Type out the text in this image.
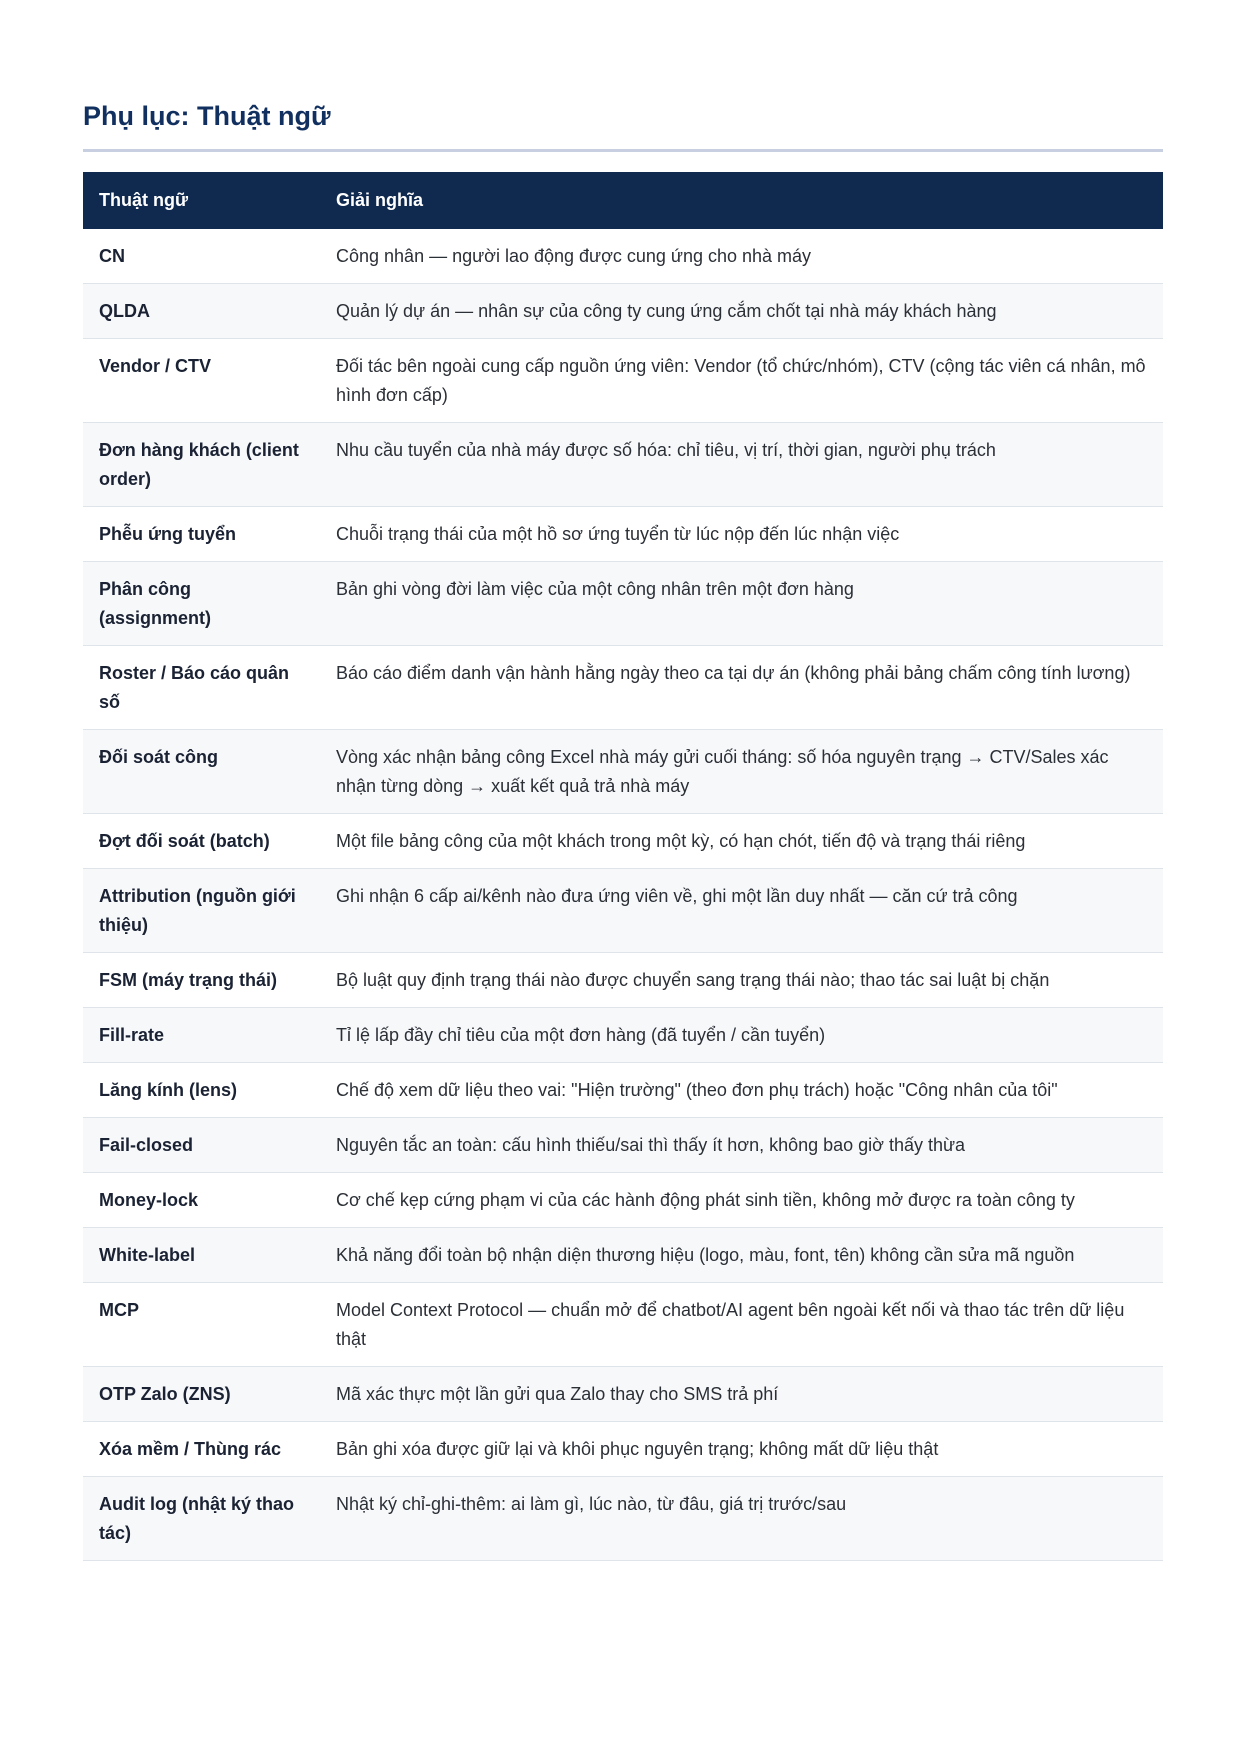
Phụ lục: Thuật ngữ
Thuật ngữ	Giải nghĩa
CN	Công nhân — người lao động được cung ứng cho nhà máy
QLDA	Quản lý dự án — nhân sự của công ty cung ứng cắm chốt tại nhà máy khách hàng
Vendor / CTV	Đối tác bên ngoài cung cấp nguồn ứng viên: Vendor (tổ chức/nhóm), CTV (cộng tác viên cá nhân, mô hình đơn cấp)
Đơn hàng khách (client order)	Nhu cầu tuyển của nhà máy được số hóa: chỉ tiêu, vị trí, thời gian, người phụ trách
Phễu ứng tuyển	Chuỗi trạng thái của một hồ sơ ứng tuyển từ lúc nộp đến lúc nhận việc
Phân công (assignment)	Bản ghi vòng đời làm việc của một công nhân trên một đơn hàng
Roster / Báo cáo quân số	Báo cáo điểm danh vận hành hằng ngày theo ca tại dự án (không phải bảng chấm công tính lương)
Đối soát công	Vòng xác nhận bảng công Excel nhà máy gửi cuối tháng: số hóa nguyên trạng → CTV/Sales xác nhận từng dòng → xuất kết quả trả nhà máy
Đợt đối soát (batch)	Một file bảng công của một khách trong một kỳ, có hạn chót, tiến độ và trạng thái riêng
Attribution (nguồn giới thiệu)	Ghi nhận 6 cấp ai/kênh nào đưa ứng viên về, ghi một lần duy nhất — căn cứ trả công
FSM (máy trạng thái)	Bộ luật quy định trạng thái nào được chuyển sang trạng thái nào; thao tác sai luật bị chặn
Fill-rate	Tỉ lệ lấp đầy chỉ tiêu của một đơn hàng (đã tuyển / cần tuyển)
Lăng kính (lens)	Chế độ xem dữ liệu theo vai: "Hiện trường" (theo đơn phụ trách) hoặc "Công nhân của tôi"
Fail-closed	Nguyên tắc an toàn: cấu hình thiếu/sai thì thấy ít hơn, không bao giờ thấy thừa
Money-lock	Cơ chế kẹp cứng phạm vi của các hành động phát sinh tiền, không mở được ra toàn công ty
White-label	Khả năng đổi toàn bộ nhận diện thương hiệu (logo, màu, font, tên) không cần sửa mã nguồn
MCP	Model Context Protocol — chuẩn mở để chatbot/AI agent bên ngoài kết nối và thao tác trên dữ liệu thật
OTP Zalo (ZNS)	Mã xác thực một lần gửi qua Zalo thay cho SMS trả phí
Xóa mềm / Thùng rác	Bản ghi xóa được giữ lại và khôi phục nguyên trạng; không mất dữ liệu thật
Audit log (nhật ký thao tác)	Nhật ký chỉ-ghi-thêm: ai làm gì, lúc nào, từ đâu, giá trị trước/sau
